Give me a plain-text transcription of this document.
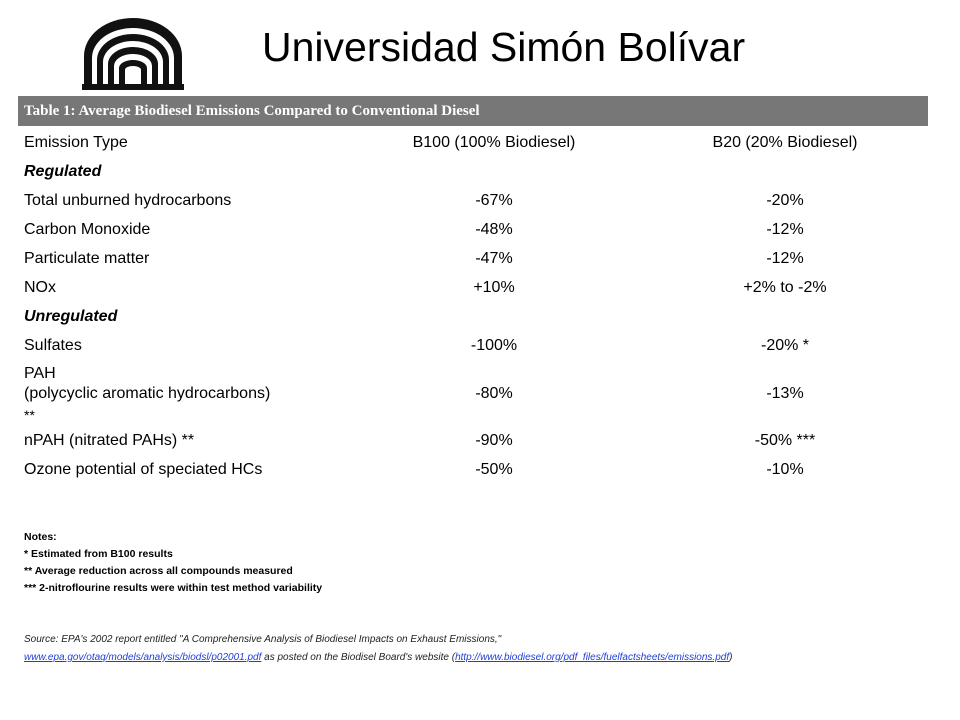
Universidad Simón Bolívar
Table 1: Average Biodiesel Emissions Compared to Conventional Diesel
Emission Type	B100 (100% Biodiesel)	B20 (20% Biodiesel)
Regulated
Total unburned hydrocarbons	-67%	-20%
Carbon Monoxide	-48%	-12%
Particulate matter	-47%	-12%
NOx	+10%	+2% to -2%
Unregulated
Sulfates	-100%	-20% *
PAH
(polycyclic aromatic hydrocarbons)
**
-80%	-13%
nPAH (nitrated PAHs) **	-90%	-50% ***
Ozone potential of speciated HCs	-50%	-10%
Notes:
* Estimated from B100 results
** Average reduction across all compounds measured
*** 2-nitroflourine results were within test method variability
Source: EPA's 2002 report entitled "A Comprehensive Analysis of Biodiesel Impacts on Exhaust Emissions,"
www.epa.gov/otaq/models/analysis/biodsl/p02001.pdf as posted on the Biodisel Board's website (http://www.biodiesel.org/pdf_files/fuelfactsheets/emissions.pdf)
